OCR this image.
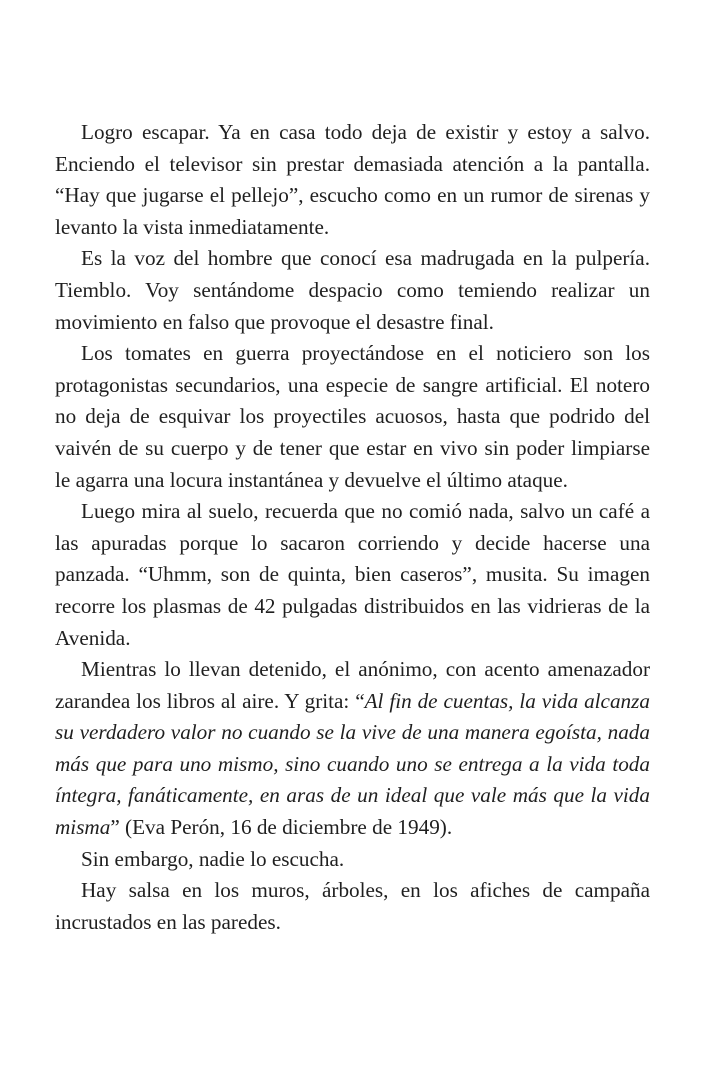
Logro escapar. Ya en casa todo deja de existir y estoy a salvo. Enciendo el televisor sin prestar demasiada atención a la pantalla. “Hay que jugarse el pellejo”, escucho como en un rumor de sirenas y levanto la vista inmediatamente.

Es la voz del hombre que conocí esa madrugada en la pulpería. Tiemblo. Voy sentándome despacio como temiendo realizar un movimiento en falso que provoque el desastre final.

Los tomates en guerra proyectándose en el noticiero son los protagonistas secundarios, una especie de sangre artificial. El notero no deja de esquivar los proyectiles acuosos, hasta que podrido del vaivén de su cuerpo y de tener que estar en vivo sin poder limpiarse le agarra una locura instantánea y devuelve el último ataque.

Luego mira al suelo, recuerda que no comió nada, salvo un café a las apuradas porque lo sacaron corriendo y decide hacerse una panzada. “Uhmm, son de quinta, bien caseros”, musita. Su imagen recorre los plasmas de 42 pulgadas distribuidos en las vidrieras de la Avenida.

Mientras lo llevan detenido, el anónimo, con acento amenazador zarandea los libros al aire. Y grita: “Al fin de cuentas, la vida alcanza su verdadero valor no cuando se la vive de una manera egoísta, nada más que para uno mismo, sino cuando uno se entrega a la vida toda íntegra, fanáticamente, en aras de un ideal que vale más que la vida misma” (Eva Perón, 16 de diciembre de 1949).

Sin embargo, nadie lo escucha.

Hay salsa en los muros, árboles, en los afiches de campaña incrustados en las paredes.
